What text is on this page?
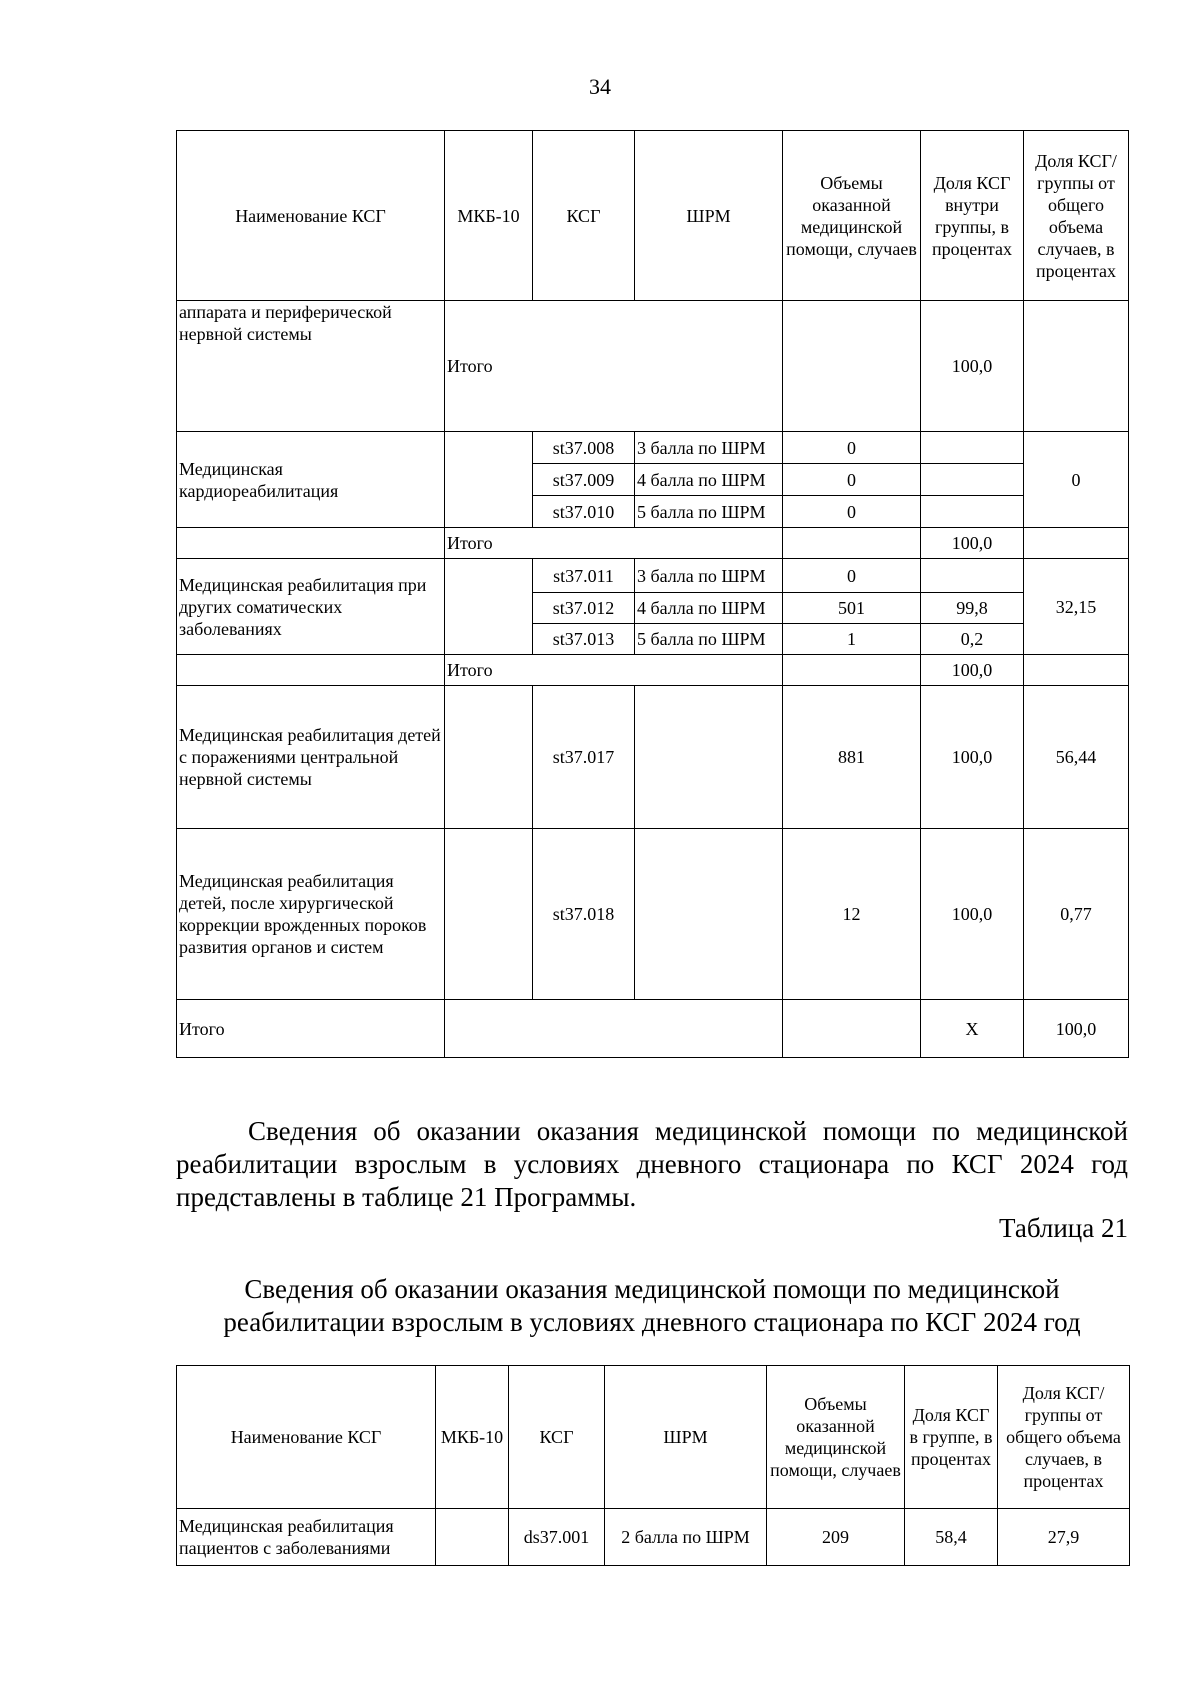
34
Наименование КСГ	МКБ-10	КСГ	ШРМ	Объемы оказанной медицинской помощи, случаев	Доля КСГ внутри группы, в процентах	Доля КСГ/группы от общего объема случаев, в процентах
аппарата и периферической нервной системы	Итого				100,0	
Медицинская кардиореабилитация		st37.008	3 балла по ШРМ	0		0
		st37.009	4 балла по ШРМ	0		
		st37.010	5 балла по ШРМ	0		
	Итого				100,0	
Медицинская реабилитация при других соматических заболеваниях		st37.011	3 балла по ШРМ	0		32,15
		st37.012	4 балла по ШРМ	501	99,8	
		st37.013	5 балла по ШРМ	1	0,2	
	Итого				100,0	
Медицинская реабилитация детей с поражениями центральной нервной системы		st37.017		881	100,0	56,44
Медицинская реабилитация детей, после хирургической коррекции врожденных пороков развития органов и систем		st37.018		12	100,0	0,77
Итого					X	100,0

Сведения об оказании оказания медицинской помощи по медицинской реабилитации взрослым в условиях дневного стационара по КСГ 2024 год представлены в таблице 21 Программы.

Таблица 21
Сведения об оказании оказания медицинской помощи по медицинской реабилитации взрослым в условиях дневного стационара по КСГ 2024 год
Наименование КСГ	МКБ-10	КСГ	ШРМ	Объемы оказанной медицинской помощи, случаев	Доля КСГ в группе, в процентах	Доля КСГ/группы от общего объема случаев, в процентах
Медицинская реабилитация пациентов с заболеваниями		ds37.001	2 балла по ШРМ	209	58,4	27,9
